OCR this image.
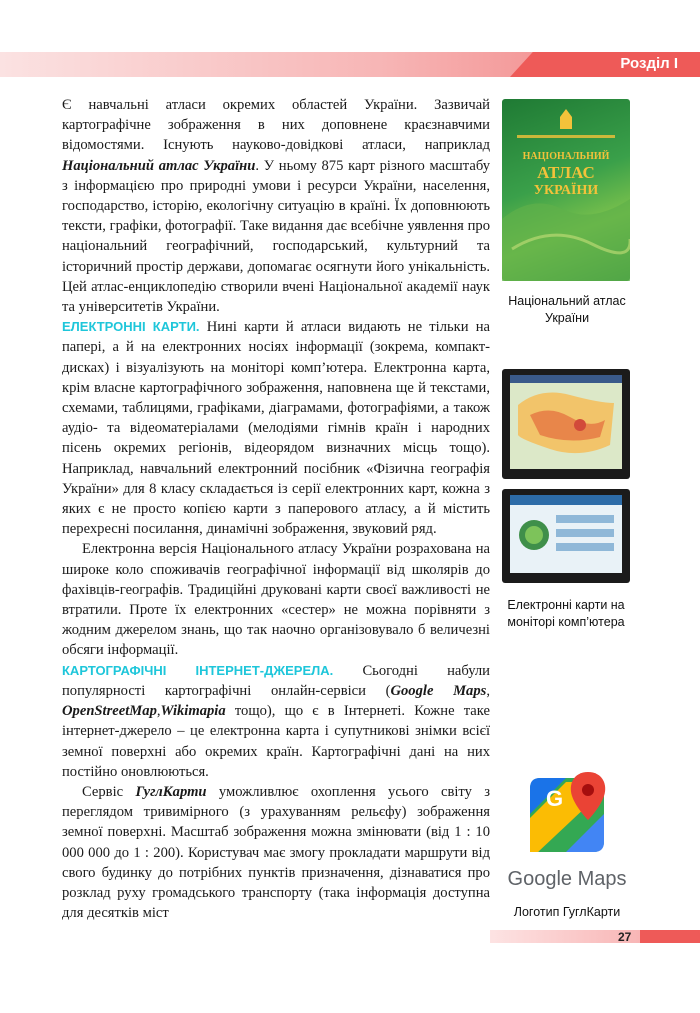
Розділ I

Є навчальні атласи окремих областей України. Зазвичай картографічне зображення в них доповнене краєзнавчими відомостями. Існують науково-довідкові атласи, наприклад Національний атлас України. У ньому 875 карт різного масштабу з інформацією про природні умови і ресурси України, населення, господарство, історію, екологічну ситуацію в країні. Їх доповнюють тексти, графіки, фотографії. Таке видання дає всебічне уявлення про національний географічний, господарський, культурний та історичний простір держави, допомагає осягнути його унікальність. Цей атлас-енциклопедію створили вчені Національної академії наук та університетів України.

ЕЛЕКТРОННІ КАРТИ. Нині карти й атласи видають не тільки на папері, а й на електронних носіях інформації (зокрема, компакт-дисках) і візуалізують на моніторі комп’ютера. Електронна карта, крім власне картографічного зображення, наповнена ще й текстами, схемами, таблицями, графіками, діаграмами, фотографіями, а також аудіо- та відеоматеріалами (мелодіями гімнів країн і народних пісень окремих регіонів, відеорядом визначних місць тощо). Наприклад, навчальний електронний посібник «Фізична географія України» для 8 класу складається із серії електронних карт, кожна з яких є не просто копією карти з паперового атласу, а й містить перехресні посилання, динамічні зображення, звуковий ряд.

Електронна версія Національного атласу України розрахована на широке коло споживачів географічної інформації від школярів до фахівців-географів. Традиційні друковані карти своєї важливості не втратили. Проте їх електронних «сестер» не можна порівняти з жодним джерелом знань, що так наочно організовувало б величезні обсяги інформації.

КАРТОГРАФІЧНІ ІНТЕРНЕТ-ДЖЕРЕЛА. Сьогодні набули популярності картографічні онлайн-сервіси (Google Maps, OpenStreetMap,Wikimapia тощо), що є в Інтернеті. Кожне таке інтернет-джерело – це електронна карта і супутникові знімки всієї земної поверхні або окремих країн. Картографічні дані на них постійно оновлюються.

Сервіс ГуглКарти уможливлює охоплення усього світу з переглядом тривимірного (з урахуванням рельєфу) зображення земної поверхні. Масштаб зображення можна змінювати (від 1 : 10 000 000 до 1 : 200). Користувач має змогу прокладати маршрути від свого будинку до потрібних пунктів призначення, дізнаватися про розклад руху громадського транспорту (така інформація доступна для десятків міст

НАЦІОНАЛЬНИЙ
АТЛАС
УКРАЇНИ
Національний атлас України
Електронні карти на моніторі комп’ютера
G
Google Maps
Логотип ГуглКарти
27
